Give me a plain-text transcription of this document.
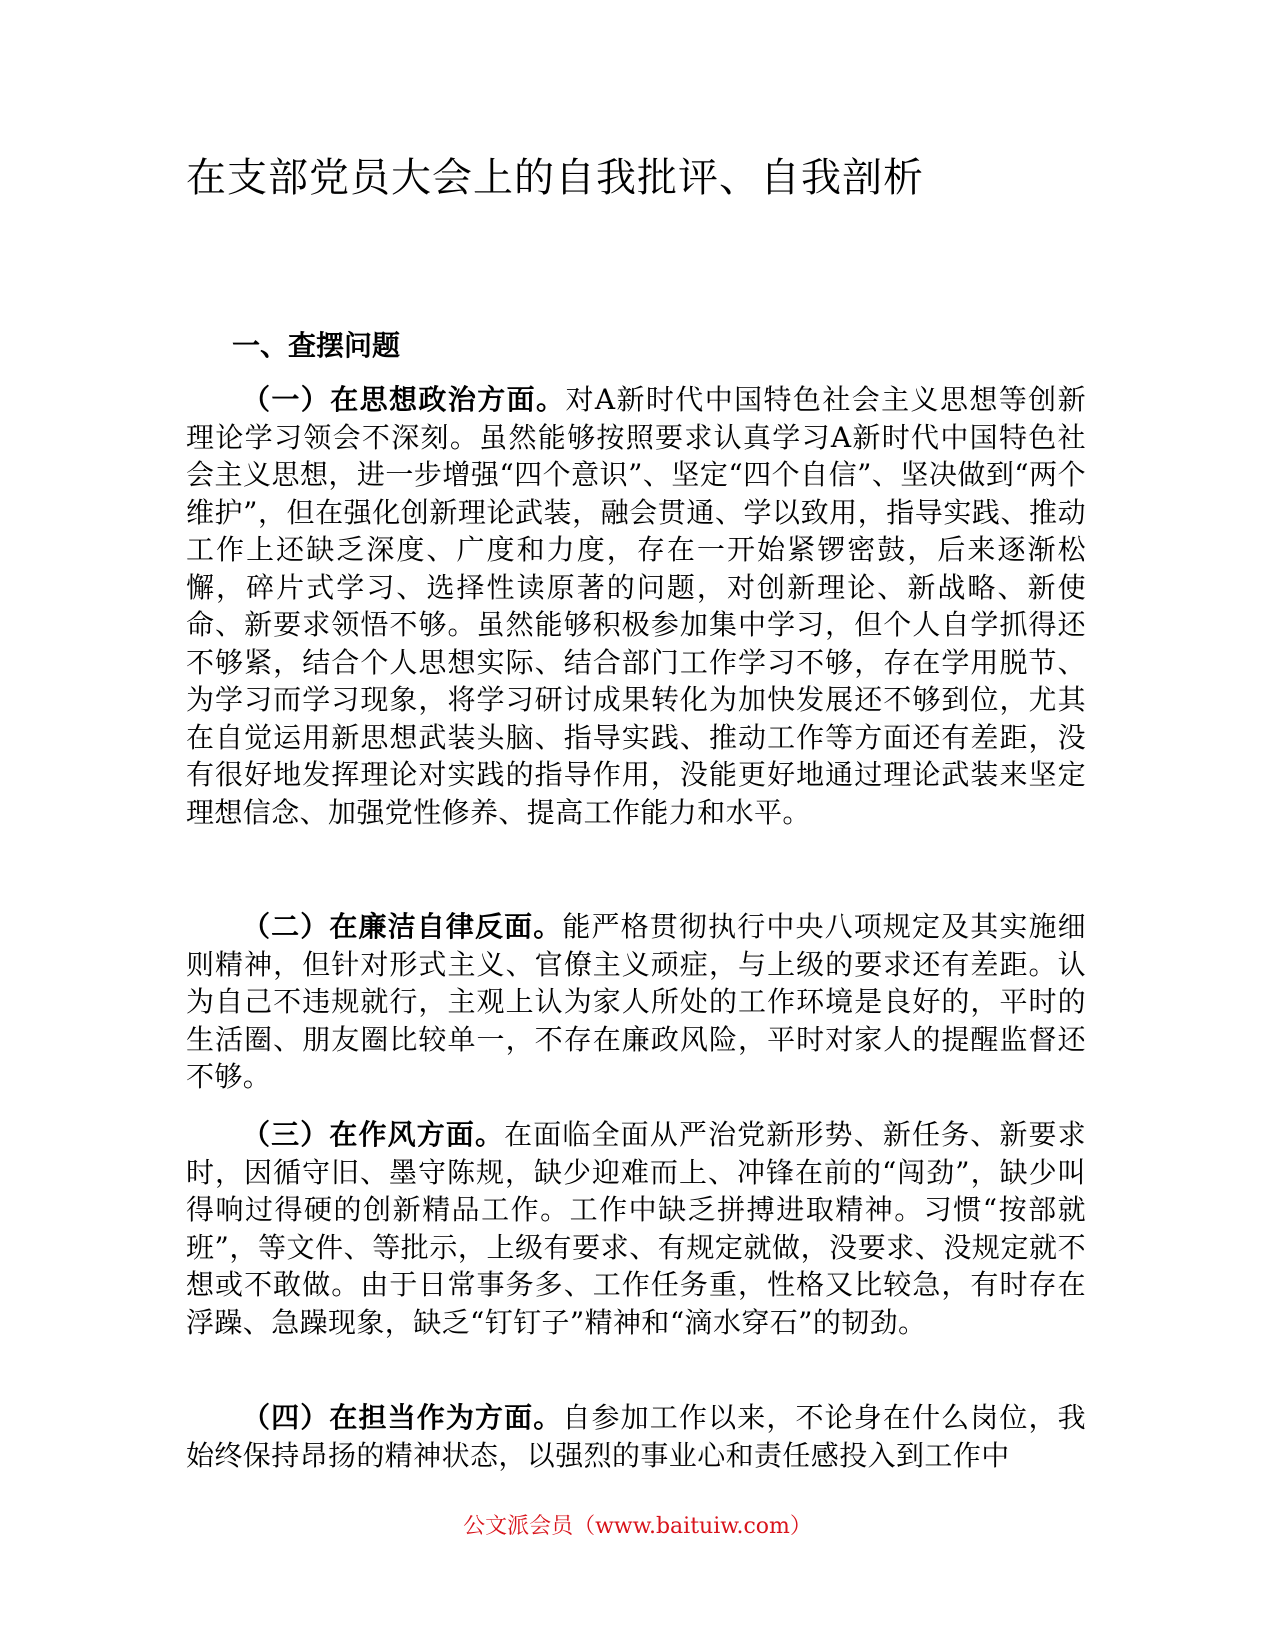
在支部党员大会上的自我批评、自我剖析
一、查摆问题

（一）在思想政治方面。对A新时代中国特色社会主义思想等创新理论学习领会不深刻。虽然能够按照要求认真学习A新时代中国特色社会主义思想，进一步增强“四个意识”、坚定“四个自信”、坚决做到“两个维护”，但在强化创新理论武装，融会贯通、学以致用，指导实践、推动工作上还缺乏深度、广度和力度，存在一开始紧锣密鼓，后来逐渐松懈，碎片式学习、选择性读原著的问题，对创新理论、新战略、新使命、新要求领悟不够。虽然能够积极参加集中学习，但个人自学抓得还不够紧，结合个人思想实际、结合部门工作学习不够，存在学用脱节、为学习而学习现象，将学习研讨成果转化为加快发展还不够到位，尤其在自觉运用新思想武装头脑、指导实践、推动工作等方面还有差距，没有很好地发挥理论对实践的指导作用，没能更好地通过理论武装来坚定理想信念、加强党性修养、提高工作能力和水平。

（二）在廉洁自律反面。能严格贯彻执行中央八项规定及其实施细则精神，但针对形式主义、官僚主义顽症，与上级的要求还有差距。认为自己不违规就行，主观上认为家人所处的工作环境是良好的，平时的生活圈、朋友圈比较单一，不存在廉政风险，平时对家人的提醒监督还不够。

（三）在作风方面。在面临全面从严治党新形势、新任务、新要求时，因循守旧、墨守陈规，缺少迎难而上、冲锋在前的“闯劲”，缺少叫得响过得硬的创新精品工作。工作中缺乏拼搏进取精神。习惯“按部就班”，等文件、等批示，上级有要求、有规定就做，没要求、没规定就不想或不敢做。由于日常事务多、工作任务重，性格又比较急，有时存在浮躁、急躁现象，缺乏“钉钉子”精神和“滴水穿石”的韧劲。

（四）在担当作为方面。自参加工作以来，不论身在什么岗位，我始终保持昂扬的精神状态，以强烈的事业心和责任感投入到工作中

公文派会员（www.baituiw.com）
